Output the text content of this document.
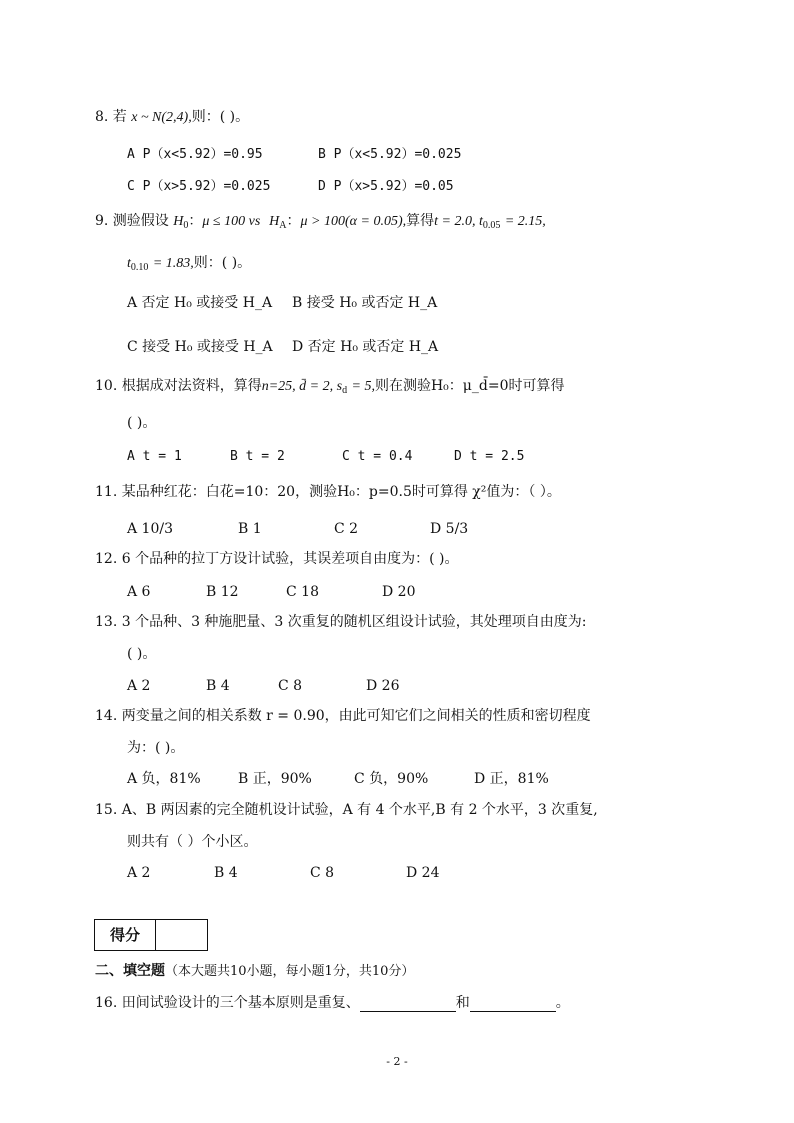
8. 若 x ~ N(2,4),则：( )。
A P（x<5.92）=0.95	B P（x<5.92）=0.025
C P（x>5.92）=0.025	D P（x>5.92）=0.05
9. 测验假设 $H_0$：μ ≤ 100 vs $H_A$：μ > 100(α = 0.05),算得t = 2.0, $t_{0.05} = 2.15$,
$t_{0.10} = 1.83$,则：( )。
A 否定 H₀ 或接受 H_A B 接受 H₀ 或否定 H_A
C 接受 H₀ 或接受 H_A D 否定 H₀ 或否定 H_A
10. 根据成对法资料，算得n=25, d̄ = 2, $s_d = 5$,则在测验H₀：μ_d̄=0时可算得
( )。
A t = 1	B t = 2	C t = 0.4	D t = 2.5
11. 某品种红花：白花=10：20，测验H₀：p=0.5时可算得 χ²值为：（ ）。
A 10/3	B 1	C 2	D 5/3
12. 6 个品种的拉丁方设计试验，其误差项自由度为：( )。
A 6	B 12	C 18	D 20
13. 3 个品种、3 种施肥量、3 次重复的随机区组设计试验，其处理项自由度为:
( )。
A 2	B 4	C 8	D 26
14. 两变量之间的相关系数 r = 0.90，由此可知它们之间相关的性质和密切程度
为：( )。
A 负，81%	B 正，90%	C 负，90%	D 正，81%
15. A、B 两因素的完全随机设计试验，A 有 4 个水平,B 有 2 个水平，3 次重复,
则共有（ ）个小区。
A 2	B 4	C 8	D 24
得分
二、填空题（本大题共10小题，每小题1分，共10分）
16. 田间试验设计的三个基本原则是重复、	和	。
- 2 -
